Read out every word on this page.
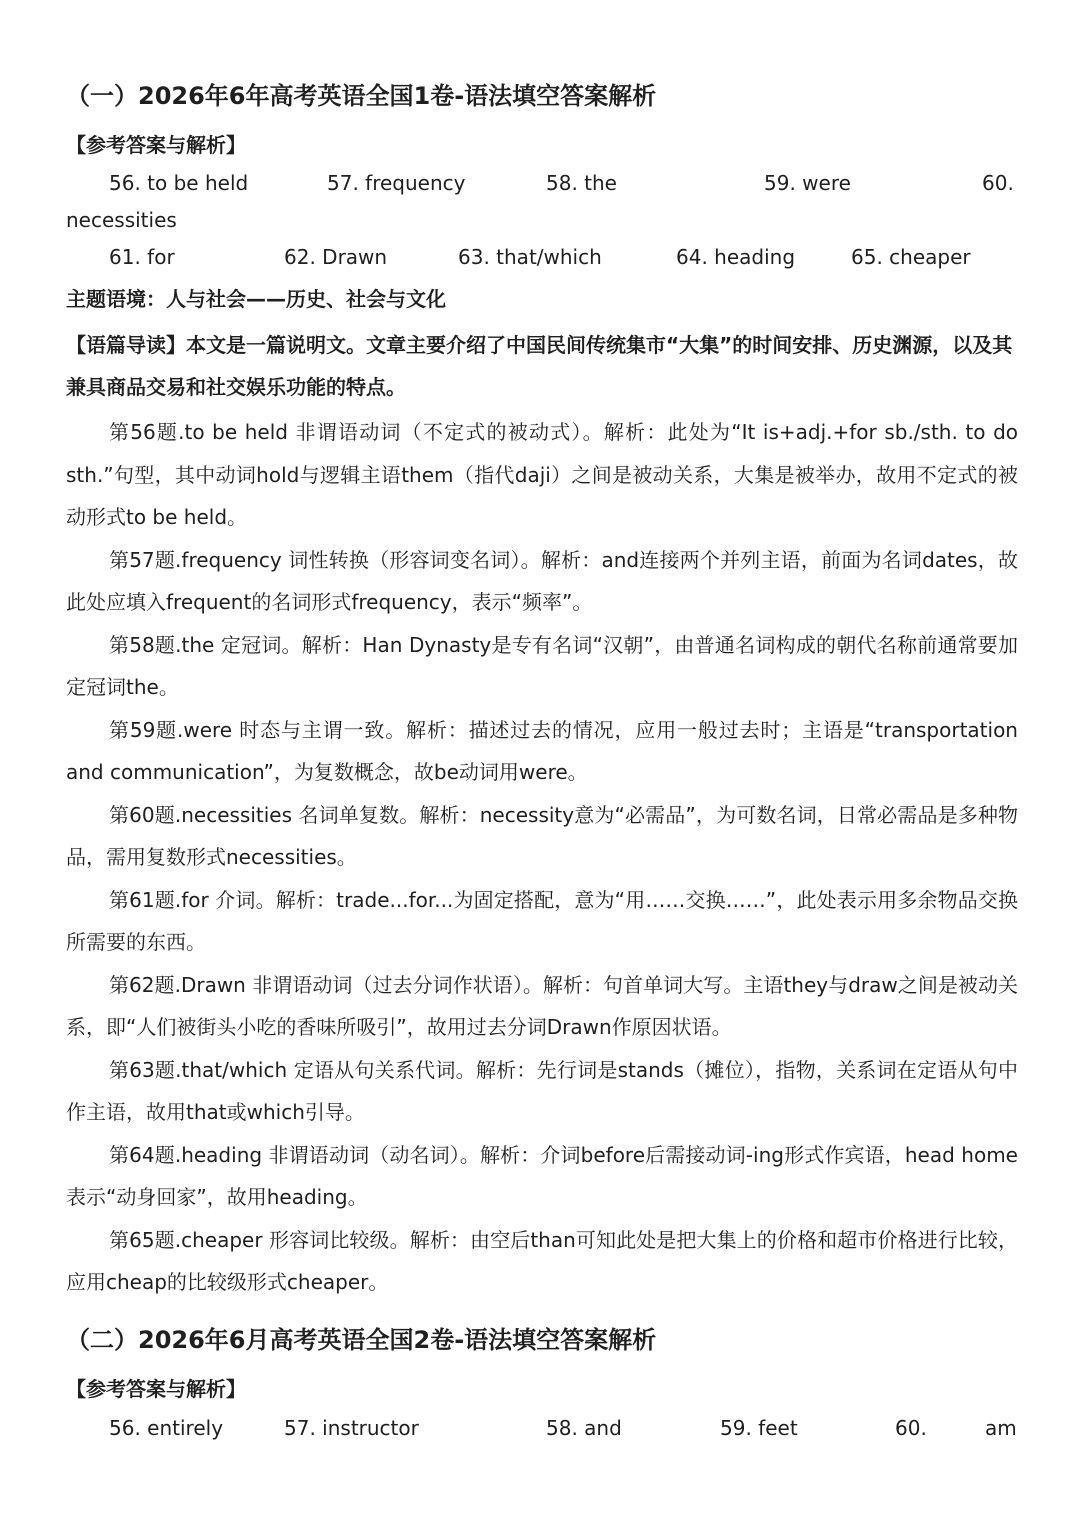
（一）2026年6年高考英语全国1卷-语法填空答案解析
【参考答案与解析】
56. to be held	57. frequency	58. the	59. were	60.
necessities
61. for	62. Drawn	63. that/which	64. heading	65. cheaper
主题语境：人与社会——历史、社会与文化
【语篇导读】本文是一篇说明文。文章主要介绍了中国民间传统集市“大集”的时间安排、历史渊源，以及其兼具商品交易和社交娱乐功能的特点。

第56题.to be held 非谓语动词（不定式的被动式）。解析：此处为“It is+adj.+for sb./sth. to do sth.”句型，其中动词hold与逻辑主语them（指代daji）之间是被动关系，大集是被举办，故用不定式的被动形式to be held。

第57题.frequency 词性转换（形容词变名词）。解析：and连接两个并列主语，前面为名词dates，故此处应填入frequent的名词形式frequency，表示“频率”。

第58题.the 定冠词。解析：Han Dynasty是专有名词“汉朝”，由普通名词构成的朝代名称前通常要加定冠词the。

第59题.were 时态与主谓一致。解析：描述过去的情况，应用一般过去时；主语是“transportation and communication”，为复数概念，故be动词用were。

第60题.necessities 名词单复数。解析：necessity意为“必需品”，为可数名词，日常必需品是多种物品，需用复数形式necessities。

第61题.for 介词。解析：trade...for...为固定搭配，意为“用……交换……”，此处表示用多余物品交换所需要的东西。

第62题.Drawn 非谓语动词（过去分词作状语）。解析：句首单词大写。主语they与draw之间是被动关系，即“人们被街头小吃的香味所吸引”，故用过去分词Drawn作原因状语。

第63题.that/which 定语从句关系代词。解析：先行词是stands（摊位），指物，关系词在定语从句中作主语，故用that或which引导。

第64题.heading 非谓语动词（动名词）。解析：介词before后需接动词-ing形式作宾语，head home表示“动身回家”，故用heading。

第65题.cheaper 形容词比较级。解析：由空后than可知此处是把大集上的价格和超市价格进行比较，应用cheap的比较级形式cheaper。

（二）2026年6月高考英语全国2卷-语法填空答案解析
【参考答案与解析】
56. entirely	57. instructor	58. and	59. feet	60.	am
